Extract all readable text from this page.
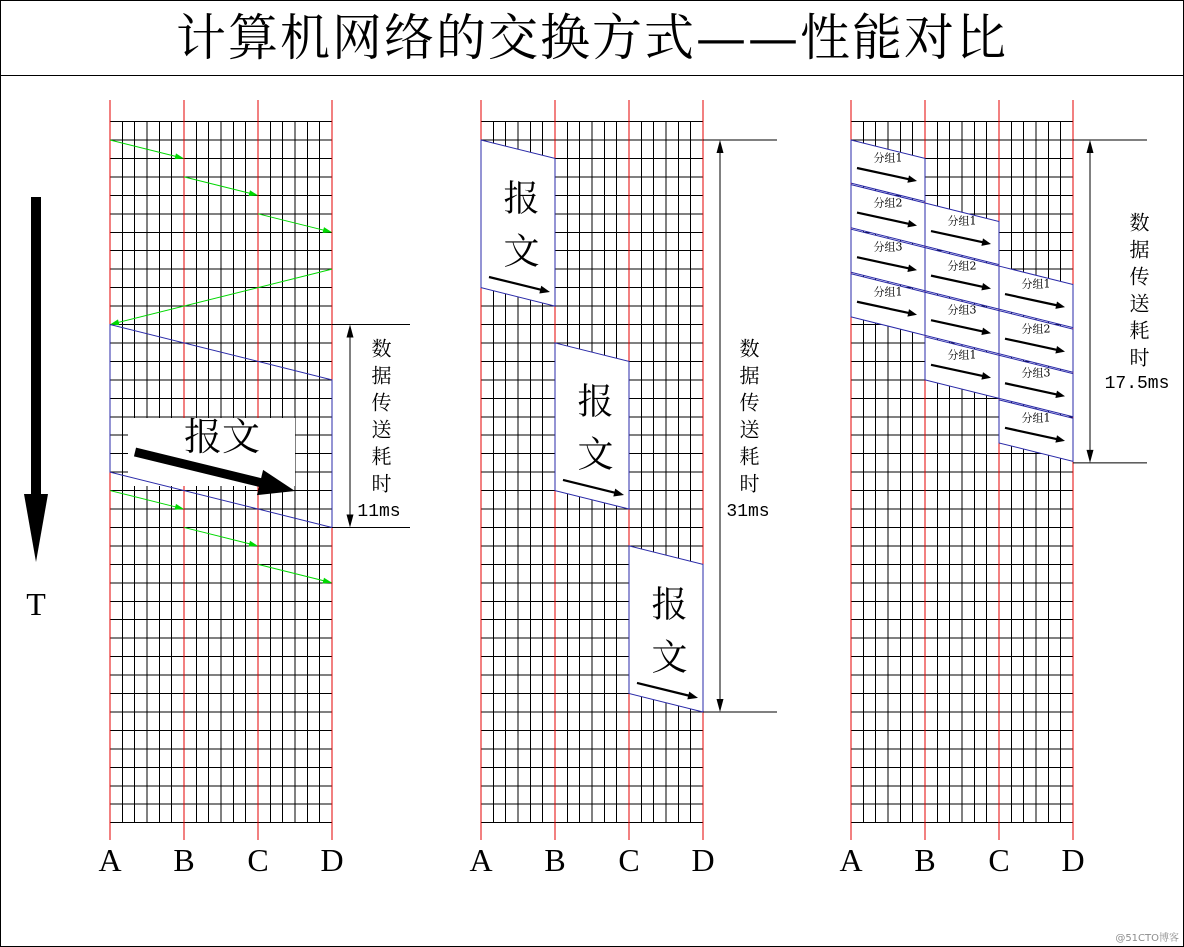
计算机网络的交换方式——性能对比
T
@51CTO博客
A B C D	A B C D	A B C D
报文	数据传送耗时
11ms
报文
报文
报文
数据传送耗时
31ms
分组1
分组2
分组3
分组1
分组1
分组2
分组3
分组1
分组1
分组2
分组3
分组1
数据传送耗时
17.5ms
